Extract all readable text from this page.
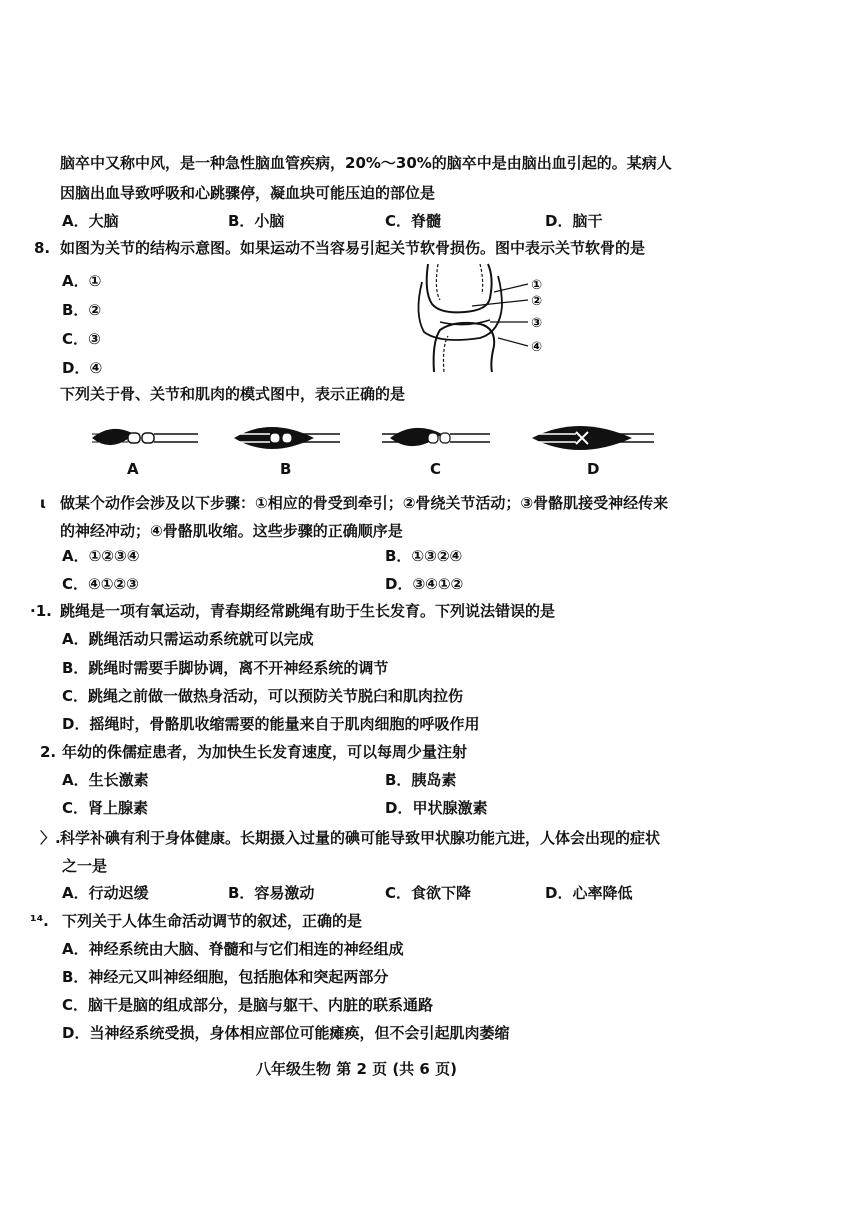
脑卒中又称中风，是一种急性脑血管疾病，20%～30%的脑卒中是由脑出血引起的。某病人
因脑出血导致呼吸和心跳骤停，凝血块可能压迫的部位是
A．大脑	B．小脑	C．脊髓	D．脑干
8. 如图为关节的结构示意图。如果运动不当容易引起关节软骨损伤。图中表示关节软骨的是
A．①
B．②
C．③
D．④
①
②
③
④
下列关于骨、关节和肌肉的模式图中，表示正确的是
A	B	C	D
ι 做某个动作会涉及以下步骤：①相应的骨受到牵引；②骨绕关节活动；③骨骼肌接受神经传来
的神经冲动；④骨骼肌收缩。这些步骤的正确顺序是
A．①②③④	B．①③②④
C．④①②③	D．③④①②
·1. 跳绳是一项有氧运动，青春期经常跳绳有助于生长发育。下列说法错误的是
A．跳绳活动只需运动系统就可以完成
B．跳绳时需要手脚协调，离不开神经系统的调节
C．跳绳之前做一做热身活动，可以预防关节脱臼和肌肉拉伤
D．摇绳时，骨骼肌收缩需要的能量来自于肌肉细胞的呼吸作用
2. 年幼的侏儒症患者，为加快生长发育速度，可以每周少量注射
A．生长激素	B．胰岛素
C．肾上腺素	D．甲状腺激素
〉. 科学补碘有利于身体健康。长期摄入过量的碘可能导致甲状腺功能亢进，人体会出现的症状
之一是
A．行动迟缓	B．容易激动	C．食欲下降	D．心率降低
¹⁴. 下列关于人体生命活动调节的叙述，正确的是
A．神经系统由大脑、脊髓和与它们相连的神经组成
B．神经元又叫神经细胞，包括胞体和突起两部分
C．脑干是脑的组成部分，是脑与躯干、内脏的联系通路
D．当神经系统受损，身体相应部位可能瘫痪，但不会引起肌肉萎缩
八年级生物 第 2 页 (共 6 页)
